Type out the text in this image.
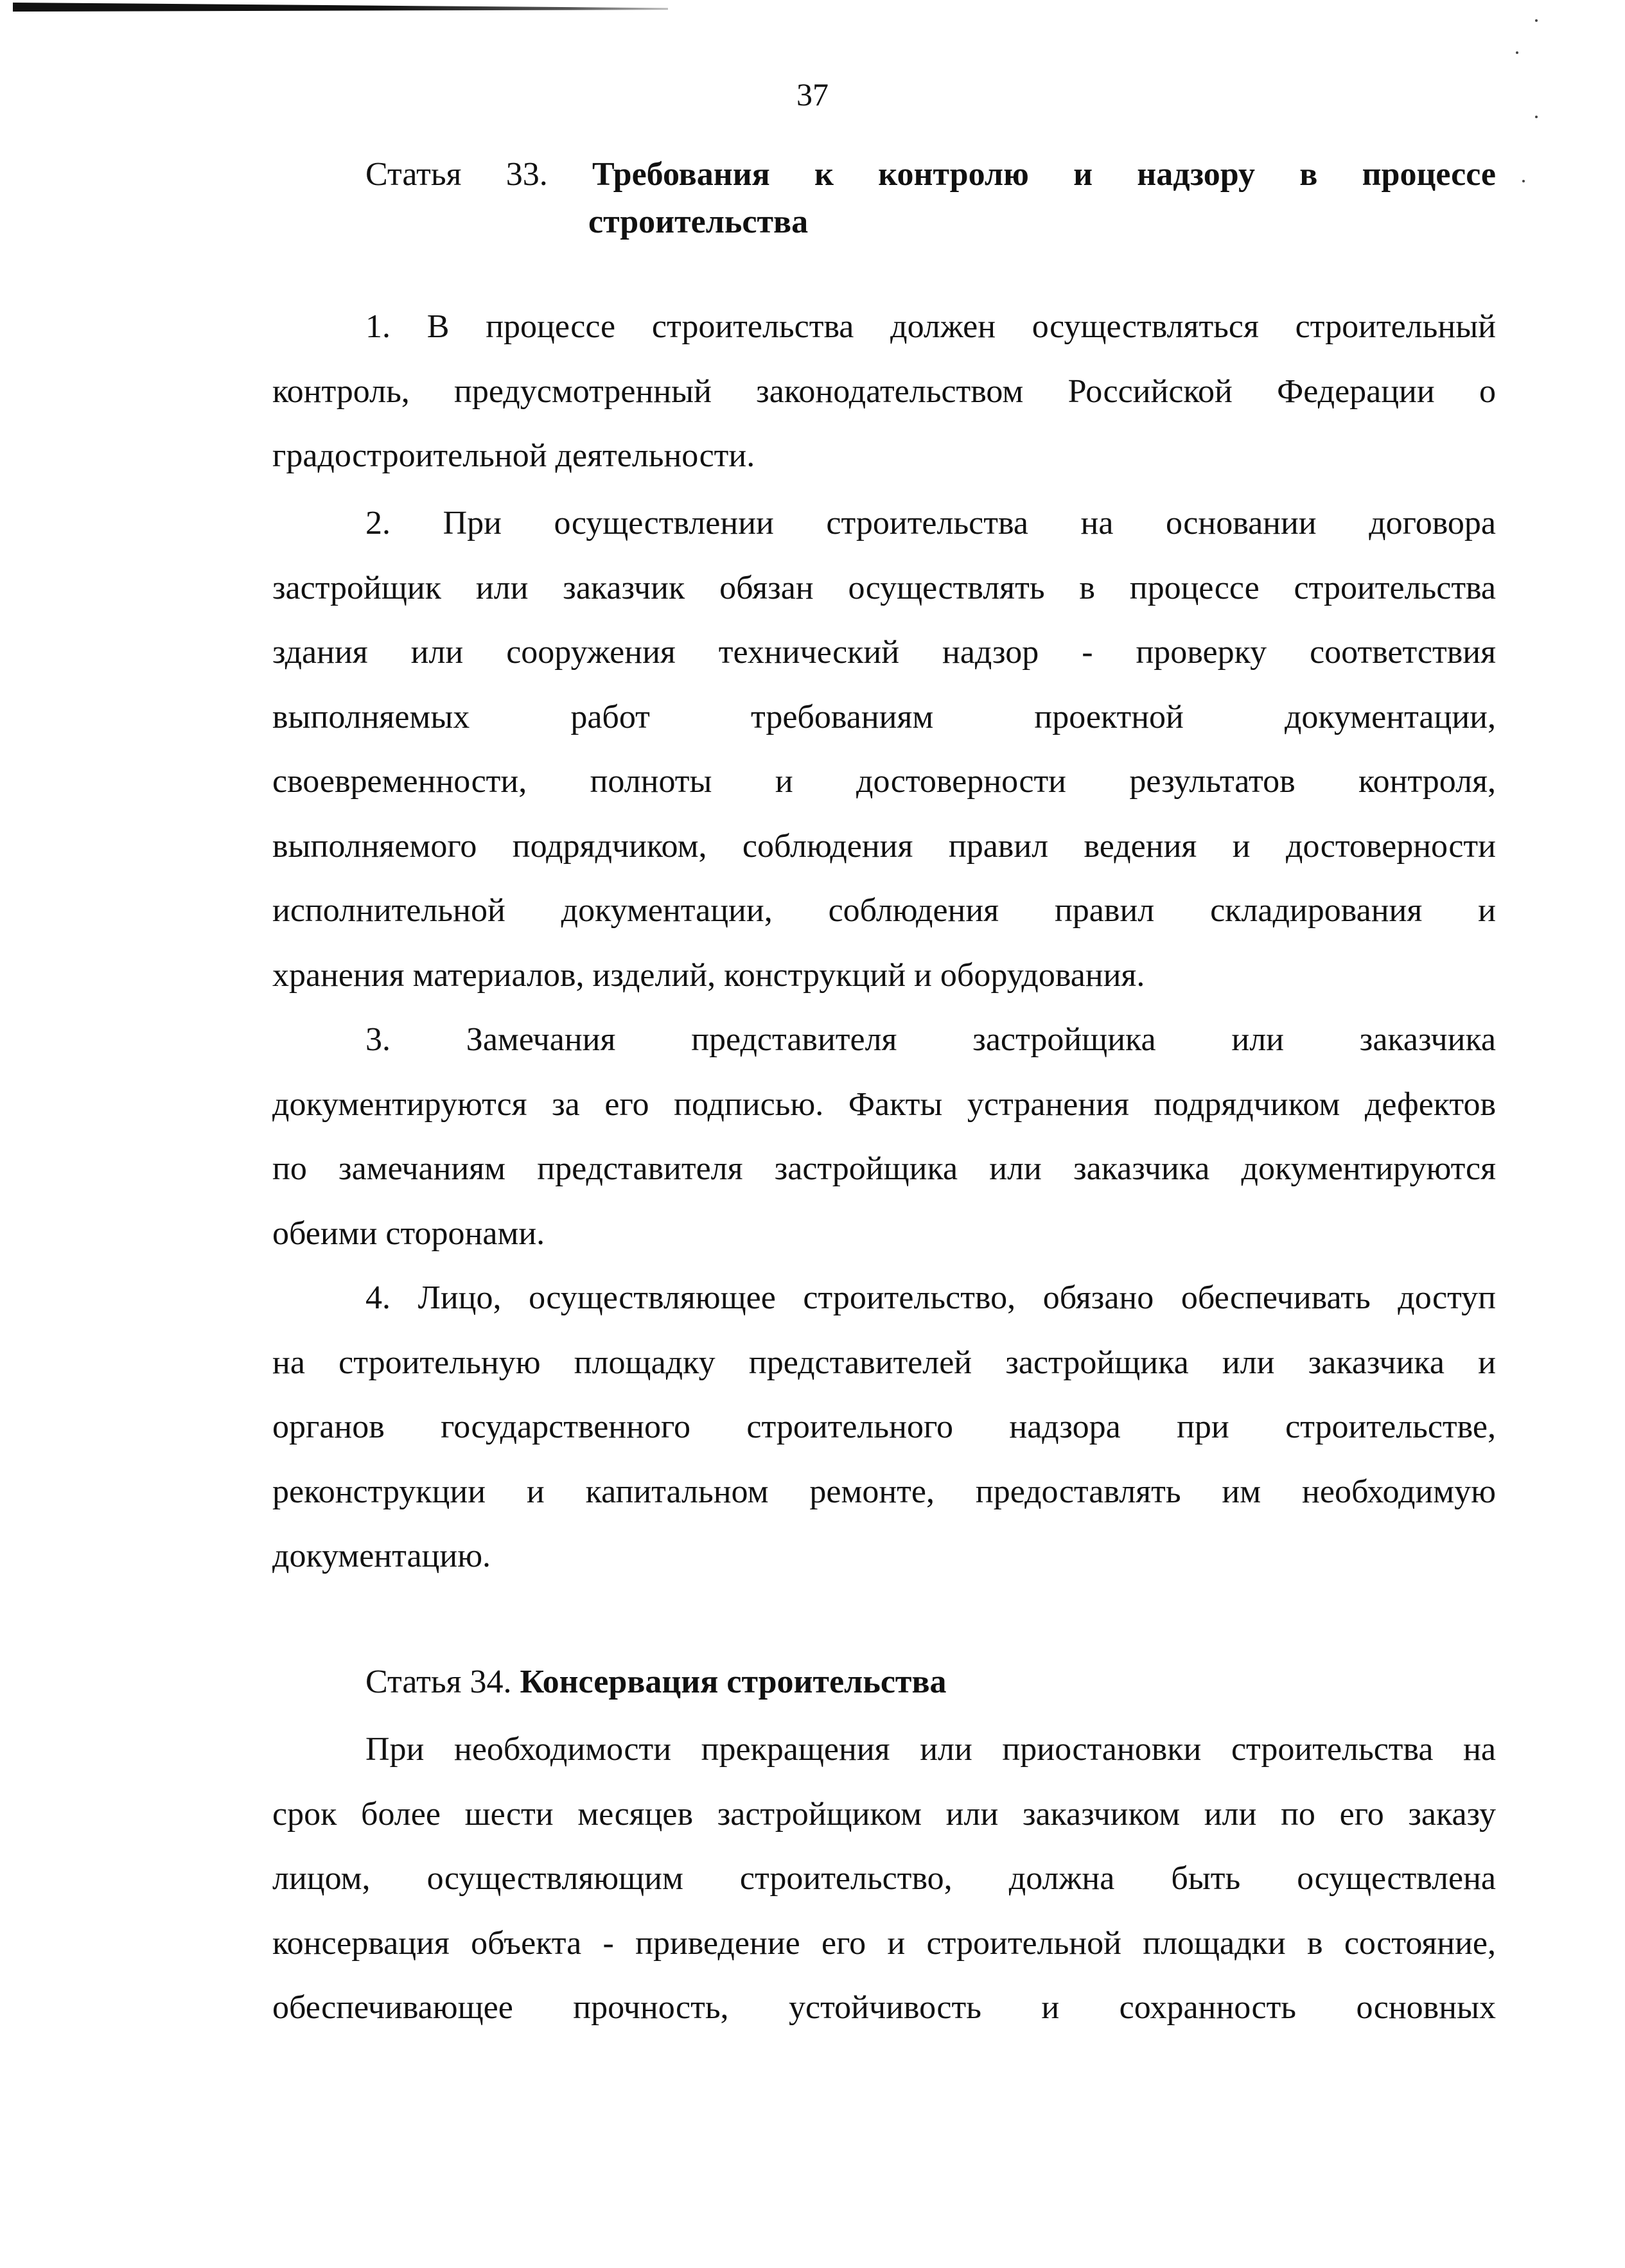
37
Статья 33. Требования к контролю и надзору в процессе
строительства
1. В процессе строительства должен осуществляться строительный
контроль, предусмотренный законодательством Российской Федерации о
градостроительной деятельности.
2. При осуществлении строительства на основании договора
застройщик или заказчик обязан осуществлять в процессе строительства
здания или сооружения технический надзор - проверку соответствия
выполняемых работ требованиям проектной документации,
своевременности, полноты и достоверности результатов контроля,
выполняемого подрядчиком, соблюдения правил ведения и достоверности
исполнительной документации, соблюдения правил складирования и
хранения материалов, изделий, конструкций и оборудования.
3. Замечания представителя застройщика или заказчика
документируются за его подписью. Факты устранения подрядчиком дефектов
по замечаниям представителя застройщика или заказчика документируются
обеими сторонами.
4. Лицо, осуществляющее строительство, обязано обеспечивать доступ
на строительную площадку представителей застройщика или заказчика и
органов государственного строительного надзора при строительстве,
реконструкции и капитальном ремонте, предоставлять им необходимую
документацию.
Статья 34. Консервация строительства
При необходимости прекращения или приостановки строительства на
срок более шести месяцев застройщиком или заказчиком или по его заказу
лицом, осуществляющим строительство, должна быть осуществлена
консервация объекта - приведение его и строительной площадки в состояние,
обеспечивающее прочность, устойчивость и сохранность основных
